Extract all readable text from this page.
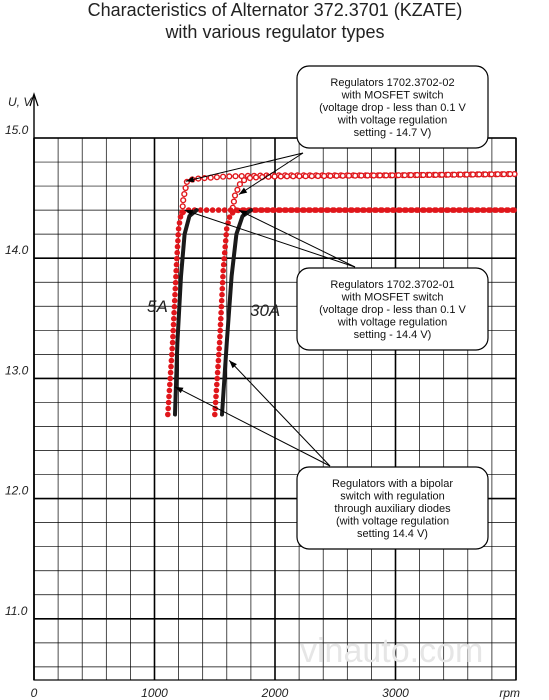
Characteristics of Alternator 372.3701 (KZATE)
with various regulator types
11.0
12.0
13.0
14.0
15.0
0	1000	2000	3000
U, V
rpm
vinauto.com
Regulators 1702.3702-02
with MOSFET switch
(voltage drop - less than 0.1 V
with voltage regulation
setting - 14.7 V)
Regulators 1702.3702-01
with MOSFET switch
(voltage drop - less than 0.1 V
with voltage regulation
setting - 14.4 V)
Regulators with a bipolar
switch with regulation
through auxiliary diodes
(with voltage regulation
setting 14.4 V)
5A	30A
